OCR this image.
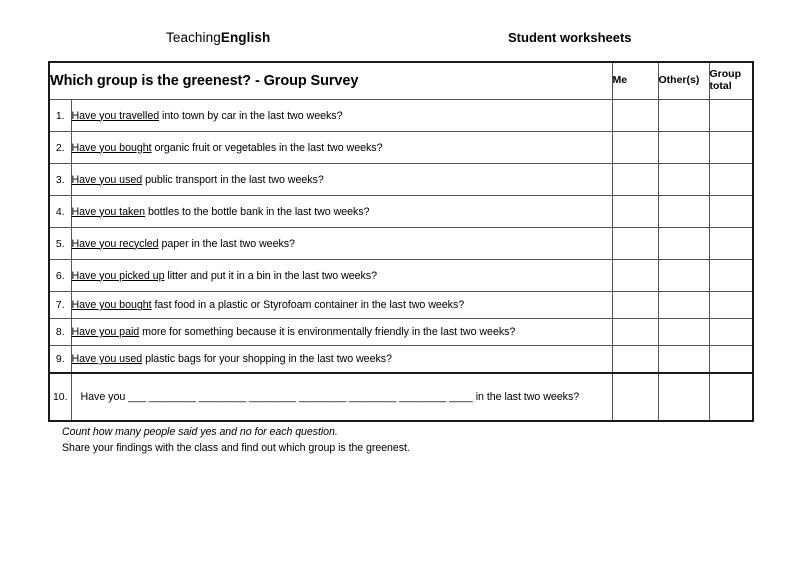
TeachingEnglish	Student worksheets
Which group is the greenest? - Group Survey		Me	Other(s)	Group
total
1.	Have you travelled into town by car in the last two weeks?			
2.	Have you bought organic fruit or vegetables in the last two weeks?			
3.	Have you used public transport in the last two weeks?			
4.	Have you taken bottles to the bottle bank in the last two weeks?			
5.	Have you recycled paper in the last two weeks?			
6.	Have you picked up litter and put it in a bin in the last two weeks?			
7.	Have you bought fast food in a plastic or Styrofoam container in the last two weeks?			
8.	Have you paid more for something because it is environmentally friendly in the last two weeks?			
9.	Have you used plastic bags for your shopping in the last two weeks?			
10.	Have you ___ ________ ________ ________ ________ ________ ________ ____ in the last two weeks?			
Count how many people said yes and no for each question.
Share your findings with the class and find out which group is the greenest.
